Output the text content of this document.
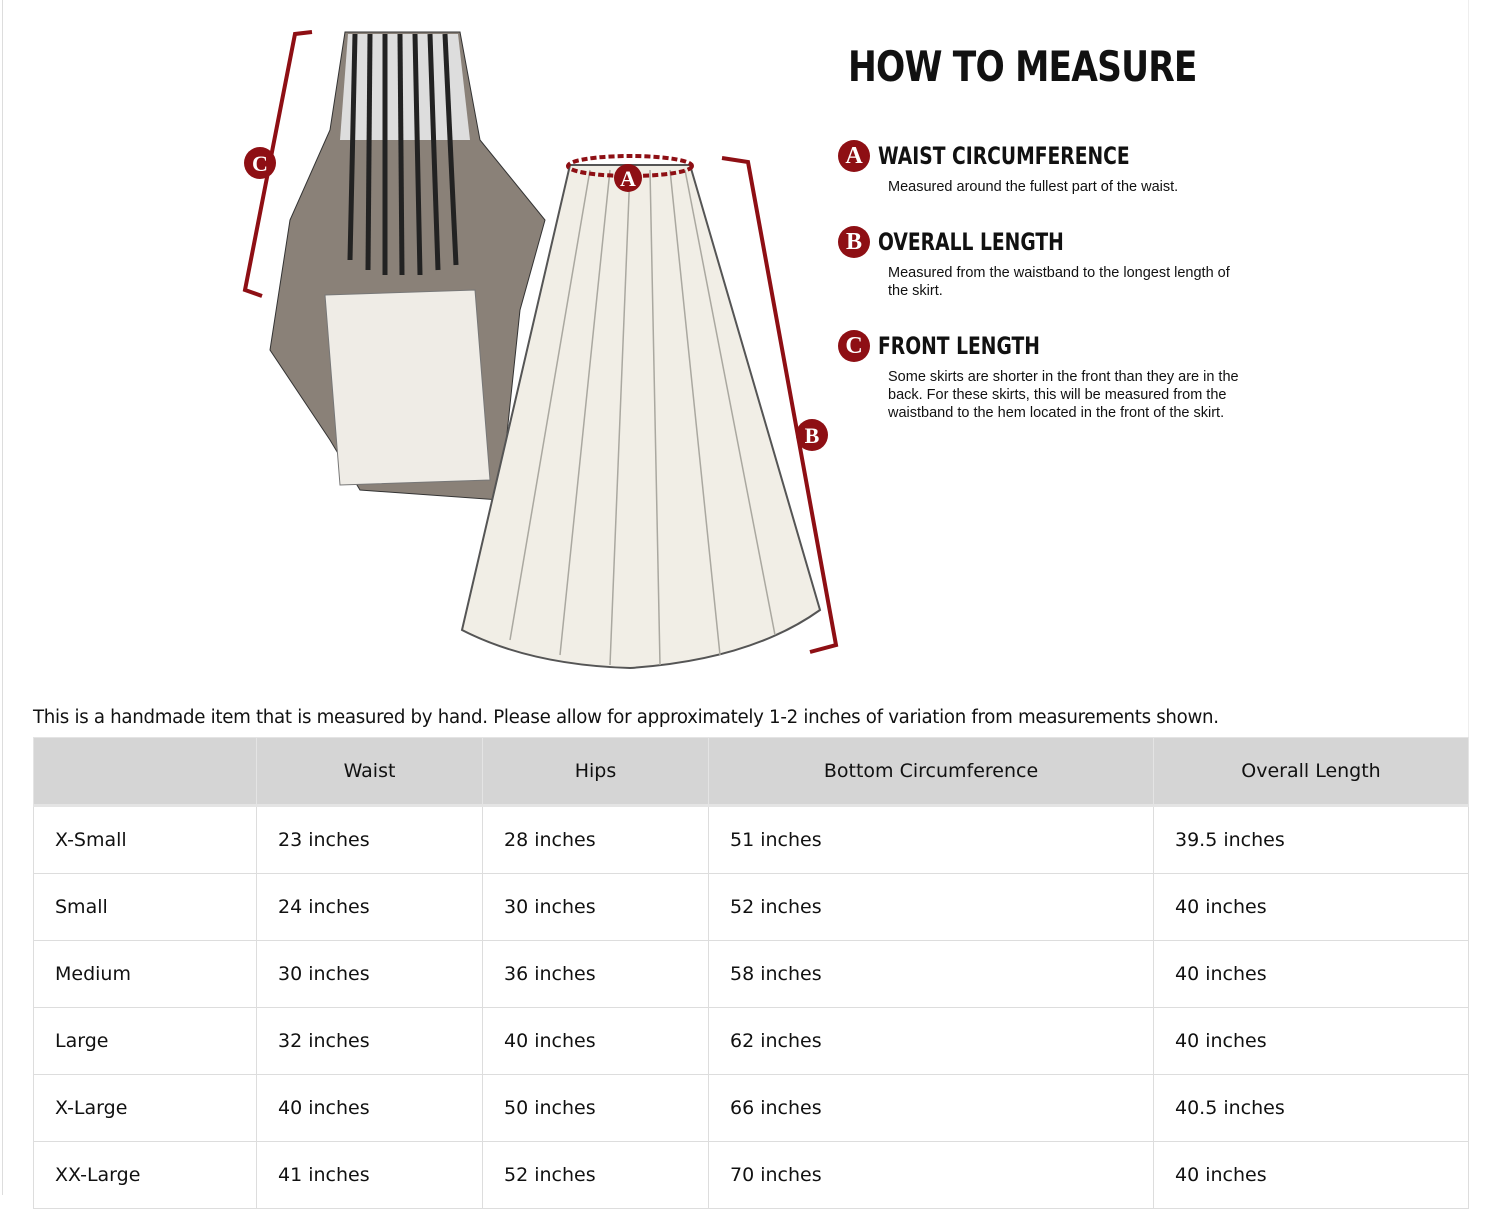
C
A
B
HOW TO MEASURE
A WAIST CIRCUMFERENCE
Measured around the fullest part of the waist.
B OVERALL LENGTH
Measured from the waistband to the longest length of the skirt.
C FRONT LENGTH
Some skirts are shorter in the front than they are in the back. For these skirts, this will be measured from the waistband to the hem located in the front of the skirt.
This is a handmade item that is measured by hand. Please allow for approximately 1-2 inches of variation from measurements shown.
	Waist	Hips	Bottom Circumference	Overall Length
X-Small	23 inches	28 inches	51 inches	39.5 inches
Small	24 inches	30 inches	52 inches	40 inches
Medium	30 inches	36 inches	58 inches	40 inches
Large	32 inches	40 inches	62 inches	40 inches
X-Large	40 inches	50 inches	66 inches	40.5 inches
XX-Large	41 inches	52 inches	70 inches	40 inches
